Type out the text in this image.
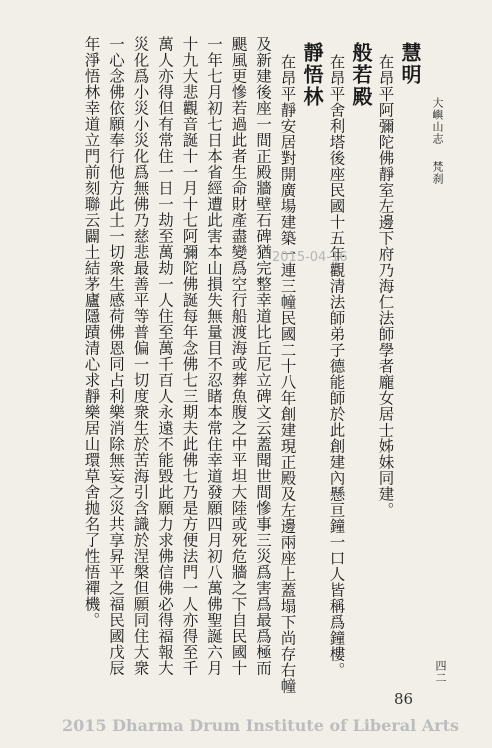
大嶼山志
梵刹
四二
慧明
在昂平阿彌陀佛靜室左邊下府乃海仁法師學者龐女居士姊妹同建。
般若殿
在昂平舍利塔後座民國十五年觀清法師弟子德能師於此創建內懸亘鐘一口人皆稱爲鐘樓。
靜悟林
在昂平靜安居對開廣場建築一連三幢民國二十八年創建現正殿及左邊兩座上蓋塌下尚存右幢
及新建後座一間正殿牆壁石碑猶完整幸道比丘尼立碑文云蓋聞世間慘事三災爲害爲最爲極而
颶風更慘若過此者生命財產盡變爲空行船渡海或葬魚腹之中平坦大陸或死危牆之下自民國十
一年七月初七日本省經遭此害本山損失無量目不忍睹本常住幸道發願四月初八萬佛聖誕六月
十九大悲觀音誕十一月十七阿彌陀佛誕每年念佛七三期夫此佛七乃是方便法門一人亦得至千
萬人亦得但有常住一日一劫至萬劫一人住至萬千百人永遠不能毀此願力求佛信佛必得福報大
災化爲小災小災化爲無佛乃慈悲最善平等普偏一切度衆生於苦海引含識於涅槃但願同住大衆
一心念佛依願奉行他方此土一切衆生感荷佛恩同占利樂消除無妄之災共享昇平之福民國戊辰
年淨悟林幸道立門前刻聯云闢土結茅廬隱蹟清心求靜樂居山環草舍拋名了性悟禪機。	2015-04-16
86
2015 Dharma Drum Institute of Liberal Arts
